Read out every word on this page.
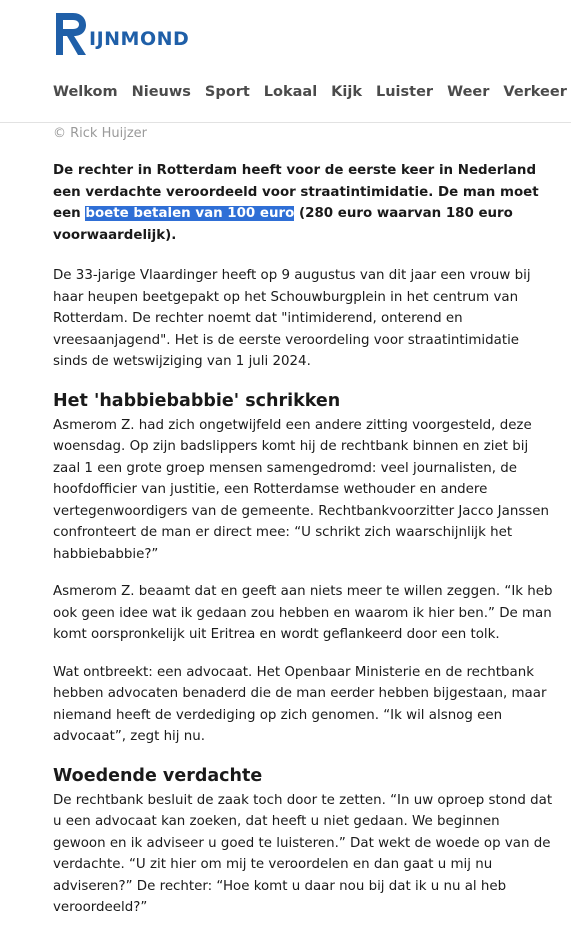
IJNMOND
Welkom Nieuws Sport Lokaal Kijk Luister Weer Verkeer
© Rick Huijzer

De rechter in Rotterdam heeft voor de eerste keer in Nederland een verdachte veroordeeld voor straatintimidatie. De man moet een boete betalen van 100 euro (280 euro waarvan 180 euro voorwaardelijk).

De 33-jarige Vlaardinger heeft op 9 augustus van dit jaar een vrouw bij haar heupen beetgepakt op het Schouwburgplein in het centrum van Rotterdam. De rechter noemt dat "intimiderend, onterend en vreesaanjagend". Het is de eerste veroordeling voor straatintimidatie sinds de wetswijziging van 1 juli 2024.

Het 'habbiebabbie' schrikken

Asmerom Z. had zich ongetwijfeld een andere zitting voorgesteld, deze woensdag. Op zijn badslippers komt hij de rechtbank binnen en ziet bij zaal 1 een grote groep mensen samengedromd: veel journalisten, de hoofdofficier van justitie, een Rotterdamse wethouder en andere vertegenwoordigers van de gemeente. Rechtbankvoorzitter Jacco Janssen confronteert de man er direct mee: “U schrikt zich waarschijnlijk het habbiebabbie?”

Asmerom Z. beaamt dat en geeft aan niets meer te willen zeggen. “Ik heb ook geen idee wat ik gedaan zou hebben en waarom ik hier ben.” De man komt oorspronkelijk uit Eritrea en wordt geflankeerd door een tolk.

Wat ontbreekt: een advocaat. Het Openbaar Ministerie en de rechtbank hebben advocaten benaderd die de man eerder hebben bijgestaan, maar niemand heeft de verdediging op zich genomen. “Ik wil alsnog een advocaat”, zegt hij nu.

Woedende verdachte

De rechtbank besluit de zaak toch door te zetten. “In uw oproep stond dat u een advocaat kan zoeken, dat heeft u niet gedaan. We beginnen gewoon en ik adviseer u goed te luisteren.” Dat wekt de woede op van de verdachte. “U zit hier om mij te veroordelen en dan gaat u mij nu adviseren?” De rechter: “Hoe komt u daar nou bij dat ik u nu al heb veroordeeld?”
